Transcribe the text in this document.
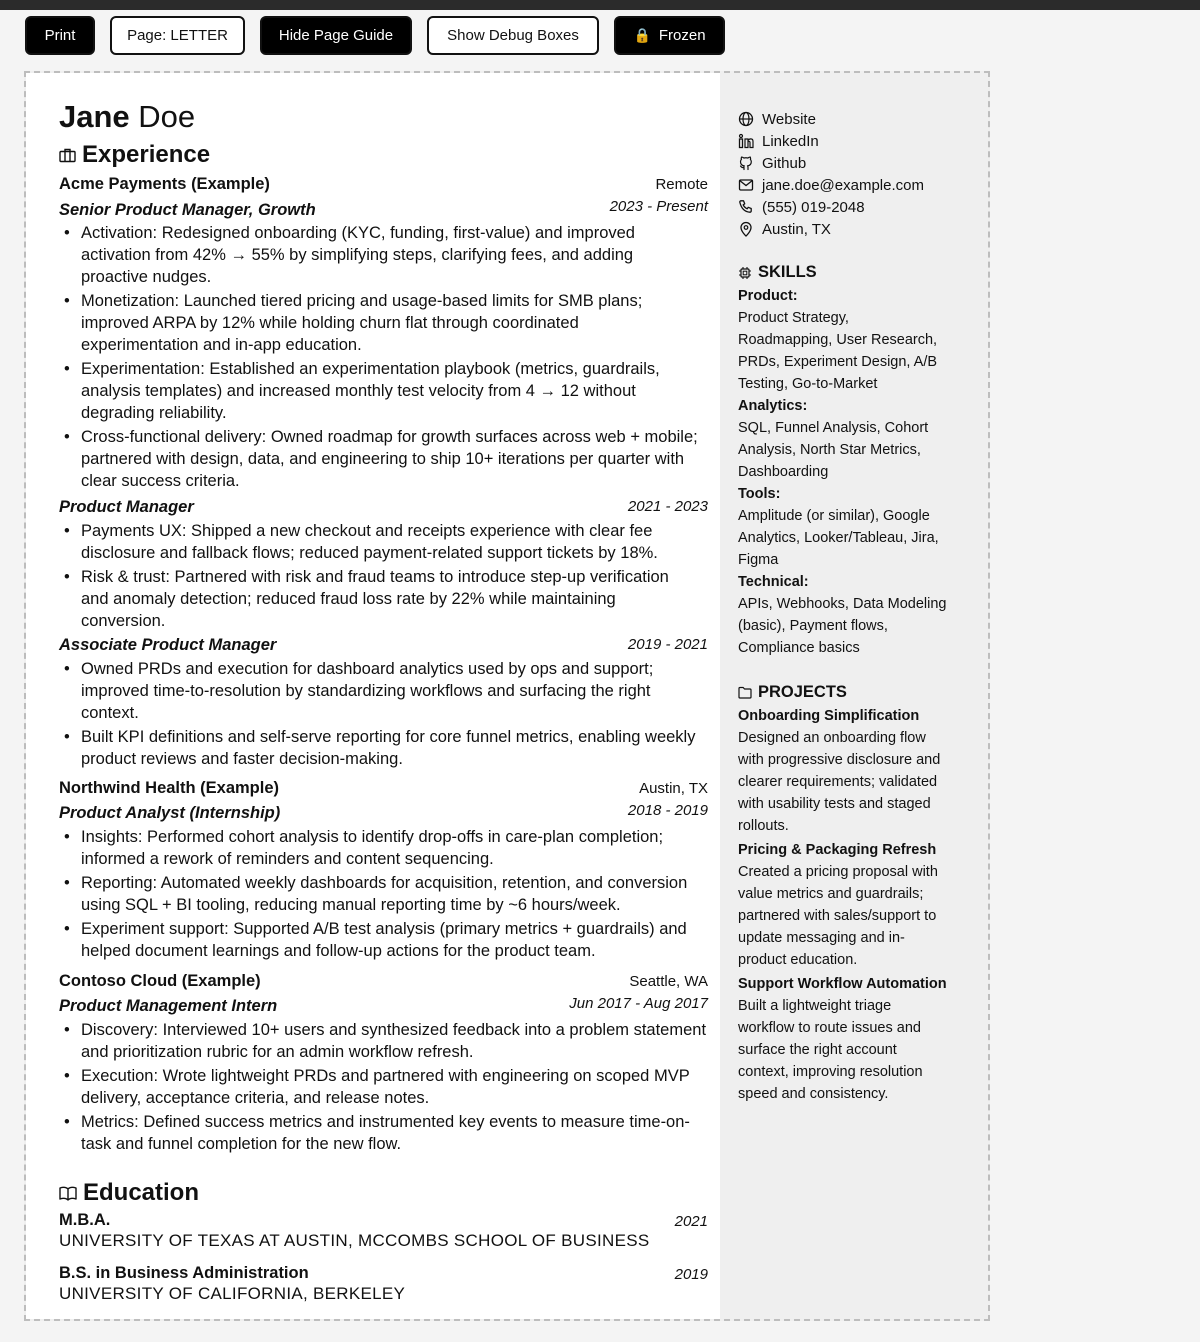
Print	Page: LETTER	Hide Page Guide	Show Debug Boxes	🔒 Frozen
Jane Doe
Experience
Acme Payments (Example)	Remote
Senior Product Manager, Growth	2023 - Present
• Activation: Redesigned onboarding (KYC, funding, first-value) and improved activation from 42% → 55% by simplifying steps, clarifying fees, and adding proactive nudges.
• Monetization: Launched tiered pricing and usage-based limits for SMB plans; improved ARPA by 12% while holding churn flat through coordinated experimentation and in-app education.
• Experimentation: Established an experimentation playbook (metrics, guardrails, analysis templates) and increased monthly test velocity from 4 → 12 without degrading reliability.
• Cross-functional delivery: Owned roadmap for growth surfaces across web + mobile; partnered with design, data, and engineering to ship 10+ iterations per quarter with clear success criteria.
Product Manager	2021 - 2023
• Payments UX: Shipped a new checkout and receipts experience with clear fee disclosure and fallback flows; reduced payment-related support tickets by 18%.
• Risk & trust: Partnered with risk and fraud teams to introduce step-up verification and anomaly detection; reduced fraud loss rate by 22% while maintaining conversion.
Associate Product Manager	2019 - 2021
• Owned PRDs and execution for dashboard analytics used by ops and support; improved time-to-resolution by standardizing workflows and surfacing the right context.
• Built KPI definitions and self-serve reporting for core funnel metrics, enabling weekly product reviews and faster decision-making.
Northwind Health (Example)	Austin, TX
Product Analyst (Internship)	2018 - 2019
• Insights: Performed cohort analysis to identify drop-offs in care-plan completion; informed a rework of reminders and content sequencing.
• Reporting: Automated weekly dashboards for acquisition, retention, and conversion using SQL + BI tooling, reducing manual reporting time by ~6 hours/week.
• Experiment support: Supported A/B test analysis (primary metrics + guardrails) and helped document learnings and follow-up actions for the product team.
Contoso Cloud (Example)	Seattle, WA
Product Management Intern	Jun 2017 - Aug 2017
• Discovery: Interviewed 10+ users and synthesized feedback into a problem statement and prioritization rubric for an admin workflow refresh.
• Execution: Wrote lightweight PRDs and partnered with engineering on scoped MVP delivery, acceptance criteria, and release notes.
• Metrics: Defined success metrics and instrumented key events to measure time-on-task and funnel completion for the new flow.
Education
M.B.A.	2021
UNIVERSITY OF TEXAS AT AUSTIN, MCCOMBS SCHOOL OF BUSINESS
B.S. in Business Administration	2019
UNIVERSITY OF CALIFORNIA, BERKELEY
Website
LinkedIn
Github
jane.doe@example.com
(555) 019-2048
Austin, TX
SKILLS
Product:
Product Strategy,
Roadmapping, User Research,
PRDs, Experiment Design, A/B
Testing, Go-to-Market
Analytics:
SQL, Funnel Analysis, Cohort
Analysis, North Star Metrics,
Dashboarding
Tools:
Amplitude (or similar), Google
Analytics, Looker/Tableau, Jira,
Figma
Technical:
APIs, Webhooks, Data Modeling
(basic), Payment flows,
Compliance basics
PROJECTS
Onboarding Simplification
Designed an onboarding flow
with progressive disclosure and
clearer requirements; validated
with usability tests and staged
rollouts.
Pricing & Packaging Refresh
Created a pricing proposal with
value metrics and guardrails;
partnered with sales/support to
update messaging and in-
product education.
Support Workflow Automation
Built a lightweight triage
workflow to route issues and
surface the right account
context, improving resolution
speed and consistency.
